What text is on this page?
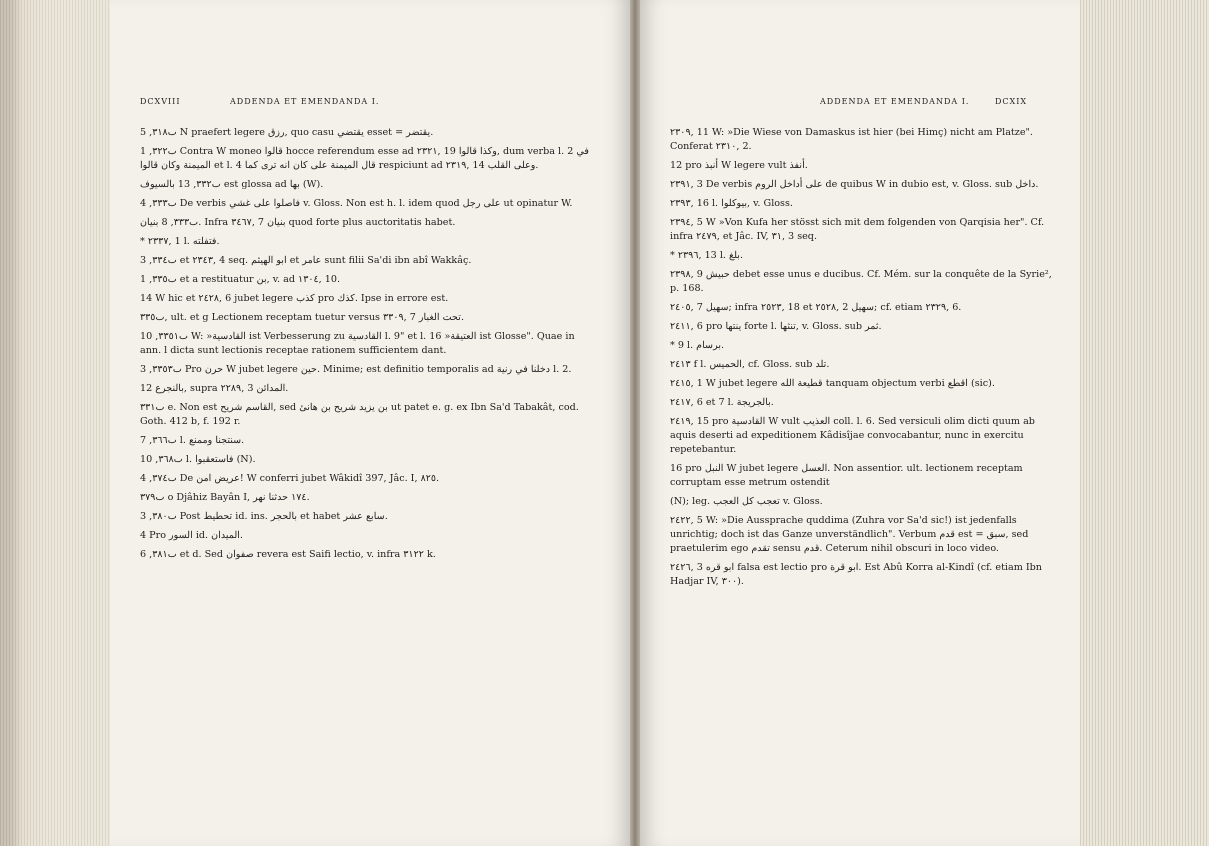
DCXVIII	ADDENDA ET EMENDANDA I.
ٮ٣١٨, 5 N praefert legere ﺭﺯﻕ, quo casu ﻳﻘﺘﻀﻲ esset = ﻳﻘﺘﻀﺮ.
ٮ٣٢٢, 1 Contra W moneo ﻗﺎﻟﻮﺍ hocce referendum esse ad ٢٣٢١, 19 ﻭﻛﺬﺍ ﻗﺎﻟﻮﺍ, dum verba l. 2 ﻓﻲ ﺍﻟﻤﻴﻤﻨﺔ ﻭﻛﺎﻥ ﻗﺎﻟﻮﺍ et l. 4 ﻗﺎﻝ ﺍﻟﻤﻴﻤﻨﺔ ﻋﻠﻰ ﻛﺎﻥ ﺍﻧﻪ ﺗﺮﻯ ﻛﻤﺎ respiciunt ad ٢٣١٩, 14 ﻭﻋﻠﻰ ﺍﻟﻘﻠﺐ.
ٮ٣٣٢, 13 ﺑﺎﻟﺴﻴﻮﻑ est glossa ad ﺑﻬﺎ (W).
ٮ٣٣٣, 4 De verbis ﻓﺎﺻﻠﻮﺍ ﻋﻠﻰ ﻏﺸﻲ v. Gloss. Non est h. l. idem quod ﻋﻠﻰ ﺭﺟﻞ ut opinatur W.
ٮ٣٣٣, 8 ﺑﻨﻴﺎﻥ. Infra ٣٤٦٧, 7 ﺑﻨﻴﺎﻥ quod forte plus auctoritatis habet.
* ٢٣٣٧, 1 l. ﻓﺘﻔﻠﺘﻪ.
ٮ٣٣٤, 3 et ٢٣٤٣, 4 seq. ﺍﺑﻮ ﺍﻟﻬﻴﺜﻢ et ﻋﺎﻣﺮ sunt filii Sa'di ibn abî Wakkâç.
ٮ٣٣٥, 1 et a restituatur ﺑﻦ, v. ad ١٣٠٤, 10.
14 W hic et ٢٤٢٨, 6 jubet legere ﻛﺬﺏ pro ﻛﺬﻙ. Ipse in errore est.
ٮ٣٣٥, ult. et g Lectionem receptam tuetur versus ٣٣٠٩, 7 ﺗﺤﺖ ﺍﻟﻐﺒﺎﺭ.
ٮ٣٣٥١, 10 W: »ﺍﻟﻘﺎﺩﺳﻴﺔ ist Verbesserung zu ﺍﻟﻘﺎﺩﺳﻴﺔ l. 9" et l. 16 »ﺍﻟﻌﺘﻴﻘﺔ ist Glosse". Quae in ann. l dicta sunt lectionis receptae rationem sufficientem dant.
ٮ٣٣٥٣, 3 Pro ﺣﺮﻥ W jubet legere ﺣﻴﻦ. Minime; est definitio temporalis ad ﺩﺧﻠﻨﺎ ﻓﻲ ﺭﻧﻴﺔ l. 2.
12 ﺑﺎﻟﻨﺠﺮﻉ, supra ٢٢٨٩, 3 ﺍﻟﻤﺪﺍﺋﻦ.
ٮ٣٣١ e. Non est ﺍﻟﻘﺎﺳﻢ ﺷﺮﻳﺢ, sed ﺑﻦ ﻳﺰﻳﺪ ﺷﺮﻳﺢ ﺑﻦ ﻫﺎﻧﺊ ut patet e. g. ex Ibn Sa'd Tabakât, cod. Goth. 412 b, f. 192 r.
ٮ٣٦٦, 7 l. ﺳﻨﺘﺠﻨﺎ ﻭﻣﻤﻨﻊ.
ٮ٣٦٨, 10 l. ﻓﺎﺳﺘﻌﻘﺒﻮﺍ (N).
ٮ٣٧٤, 4 De ﻋﺮﻳﺾ ﺍﻣﻦ! W conferri jubet Wâkidî 397, Jâc. I, ٨٢٥.
ٮ٣٧٩ o Djâhiz Bayân I, ١٧٤ ﺣﺪﺛﻨﺎ ﻧﻬﺮ.
ٮ٣٨٠, 3 Post ﺗﺤﻄﻴﻂ id. ins. ﺑﺎﻟﺤﺠﺮ et habet ﺳﺎﺑﻊ ﻋﺸﺮ.
4 Pro ﺍﻟﺴﻮﺭ id. ﺍﻟﻤﻴﺪﺍﻥ.
ٮ٣٨١, 6 et d. Sed ﺻﻔﻮﺍﻥ revera est Saifi lectio, v. infra ٣١٢٢ k.
ADDENDA ET EMENDANDA I.	DCXIX
٢٣٠٩, 11 W: »Die Wiese von Damaskus ist hier (bei Himç) nicht am Platze". Conferat ٢٣١٠, 2.
12 pro ﺃﻧﺒﺬ W legere vult ﺃﻧﻔﺬ.
٢٣٩١, 3 De verbis ﻋﻠﻰ ﺃﺩﺍﺧﻞ ﺍﻟﺮﻭﻡ de quibus W in dubio est, v. Gloss. sub ﺩﺍﺧﻞ.
٢٣٩٣, 16 l. ﺑﻴﻮﻛﻠﻮﺍ, v. Gloss.
٢٣٩٤, 5 W »Von Kufa her stösst sich mit dem folgenden von Qarqisia her". Cf. infra ٢٤٧٩, et Jâc. IV, ٣١, 3 seq.
* ٢٣٩٦, 13 l. ﺑﻠﻎ.
٢٣٩٨, 9 ﺣﺒﻴﺶ debet esse unus e ducibus. Cf. Mém. sur la conquête de la Syrie², p. 168.
٢٤٠٥, 7 ﺳﻬﻴﻞ; infra ٢٥٢٣, 18 et ٢٥٢٨, 2 ﺳﻬﻴﻞ; cf. etiam ٢٣٢٩, 6.
٢٤١١, 6 pro ﻳﻨﺘﻬﺎ forte l. ﺗﻨﺜﻬﺎ, v. Gloss. sub ﺛﻤﺮ.
* 9 l. ﺑﺮﺳﺎﻡ.
٢٤١٣ f l. ﺍﻟﺤﻤﻴﺲ, cf. Gloss. sub ﺗﻠﺪ.
٢٤١٥, 1 W jubet legere ﻗﻄﻴﻌﺔ ﺍﻟﻠﻪ tanquam objectum verbi ﺍﻗﻄﻊ (sic).
٢٤١٧, 6 et 7 l. ﺑﺎﻟﺠﺮﻳﺠﺔ.
٢٤١٩, 15 pro ﺍﻟﻘﺎﺩﺳﻴﺔ W vult ﺍﻟﻌﺬﻳﺐ coll. l. 6. Sed versiculi olim dicti quum ab aquis deserti ad expeditionem Kâdisîjae convocabantur, nunc in exercitu repetebantur.
16 pro ﺍﻟﻨﺒﻞ W jubet legere ﺍﻟﻌﺴﻞ. Non assentior. ult. lectionem receptam corruptam esse metrum ostendit
(N); leg. ﺗﻌﺠﺐ ﻛﻞ ﺍﻟﻌﺠﺐ v. Gloss.
٢٤٢٢, 5 W: »Die Aussprache quddima (Zuhra vor Sa'd sic!) ist jedenfalls unrichtig; doch ist das Ganze unverständlich". Verbum ﻗﺪﻡ est = ﺳﺒﻖ, sed praetulerim ego ﺗﻘﺪﻡ sensu ﻗﺪﻡ. Ceterum nihil obscuri in loco video.
٢٤٢٦, 3 ﺍﺑﻮ ﻗﺮﻩ falsa est lectio pro ﺍﺑﻮ ﻗﺮﺓ. Est Abû Korra al-Kindî (cf. etiam Ibn Hadjar IV, ٣٠٠).
